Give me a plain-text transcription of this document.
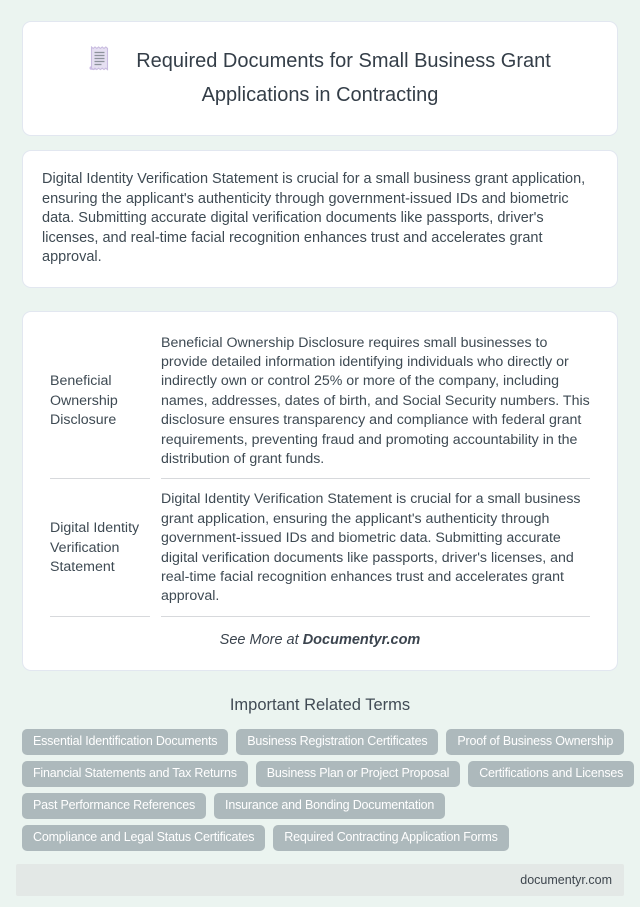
Required Documents for Small Business Grant Applications in Contracting

Digital Identity Verification Statement is crucial for a small business grant application, ensuring the applicant's authenticity through government-issued IDs and biometric data. Submitting accurate digital verification documents like passports, driver's licenses, and real-time facial recognition enhances trust and accelerates grant approval.

Beneficial Ownership Disclosure	Beneficial Ownership Disclosure requires small businesses to provide detailed information identifying individuals who directly or indirectly own or control 25% or more of the company, including names, addresses, dates of birth, and Social Security numbers. This disclosure ensures transparency and compliance with federal grant requirements, preventing fraud and promoting accountability in the distribution of grant funds.
Digital Identity Verification Statement	Digital Identity Verification Statement is crucial for a small business grant application, ensuring the applicant's authenticity through government-issued IDs and biometric data. Submitting accurate digital verification documents like passports, driver's licenses, and real-time facial recognition enhances trust and accelerates grant approval.

See More at Documentyr.com

Important Related Terms
Essential Identification Documents	Business Registration Certificates	Proof of Business Ownership
Financial Statements and Tax Returns	Business Plan or Project Proposal	Certifications and Licenses
Past Performance References	Insurance and Bonding Documentation
Compliance and Legal Status Certificates	Required Contracting Application Forms
documentyr.com
